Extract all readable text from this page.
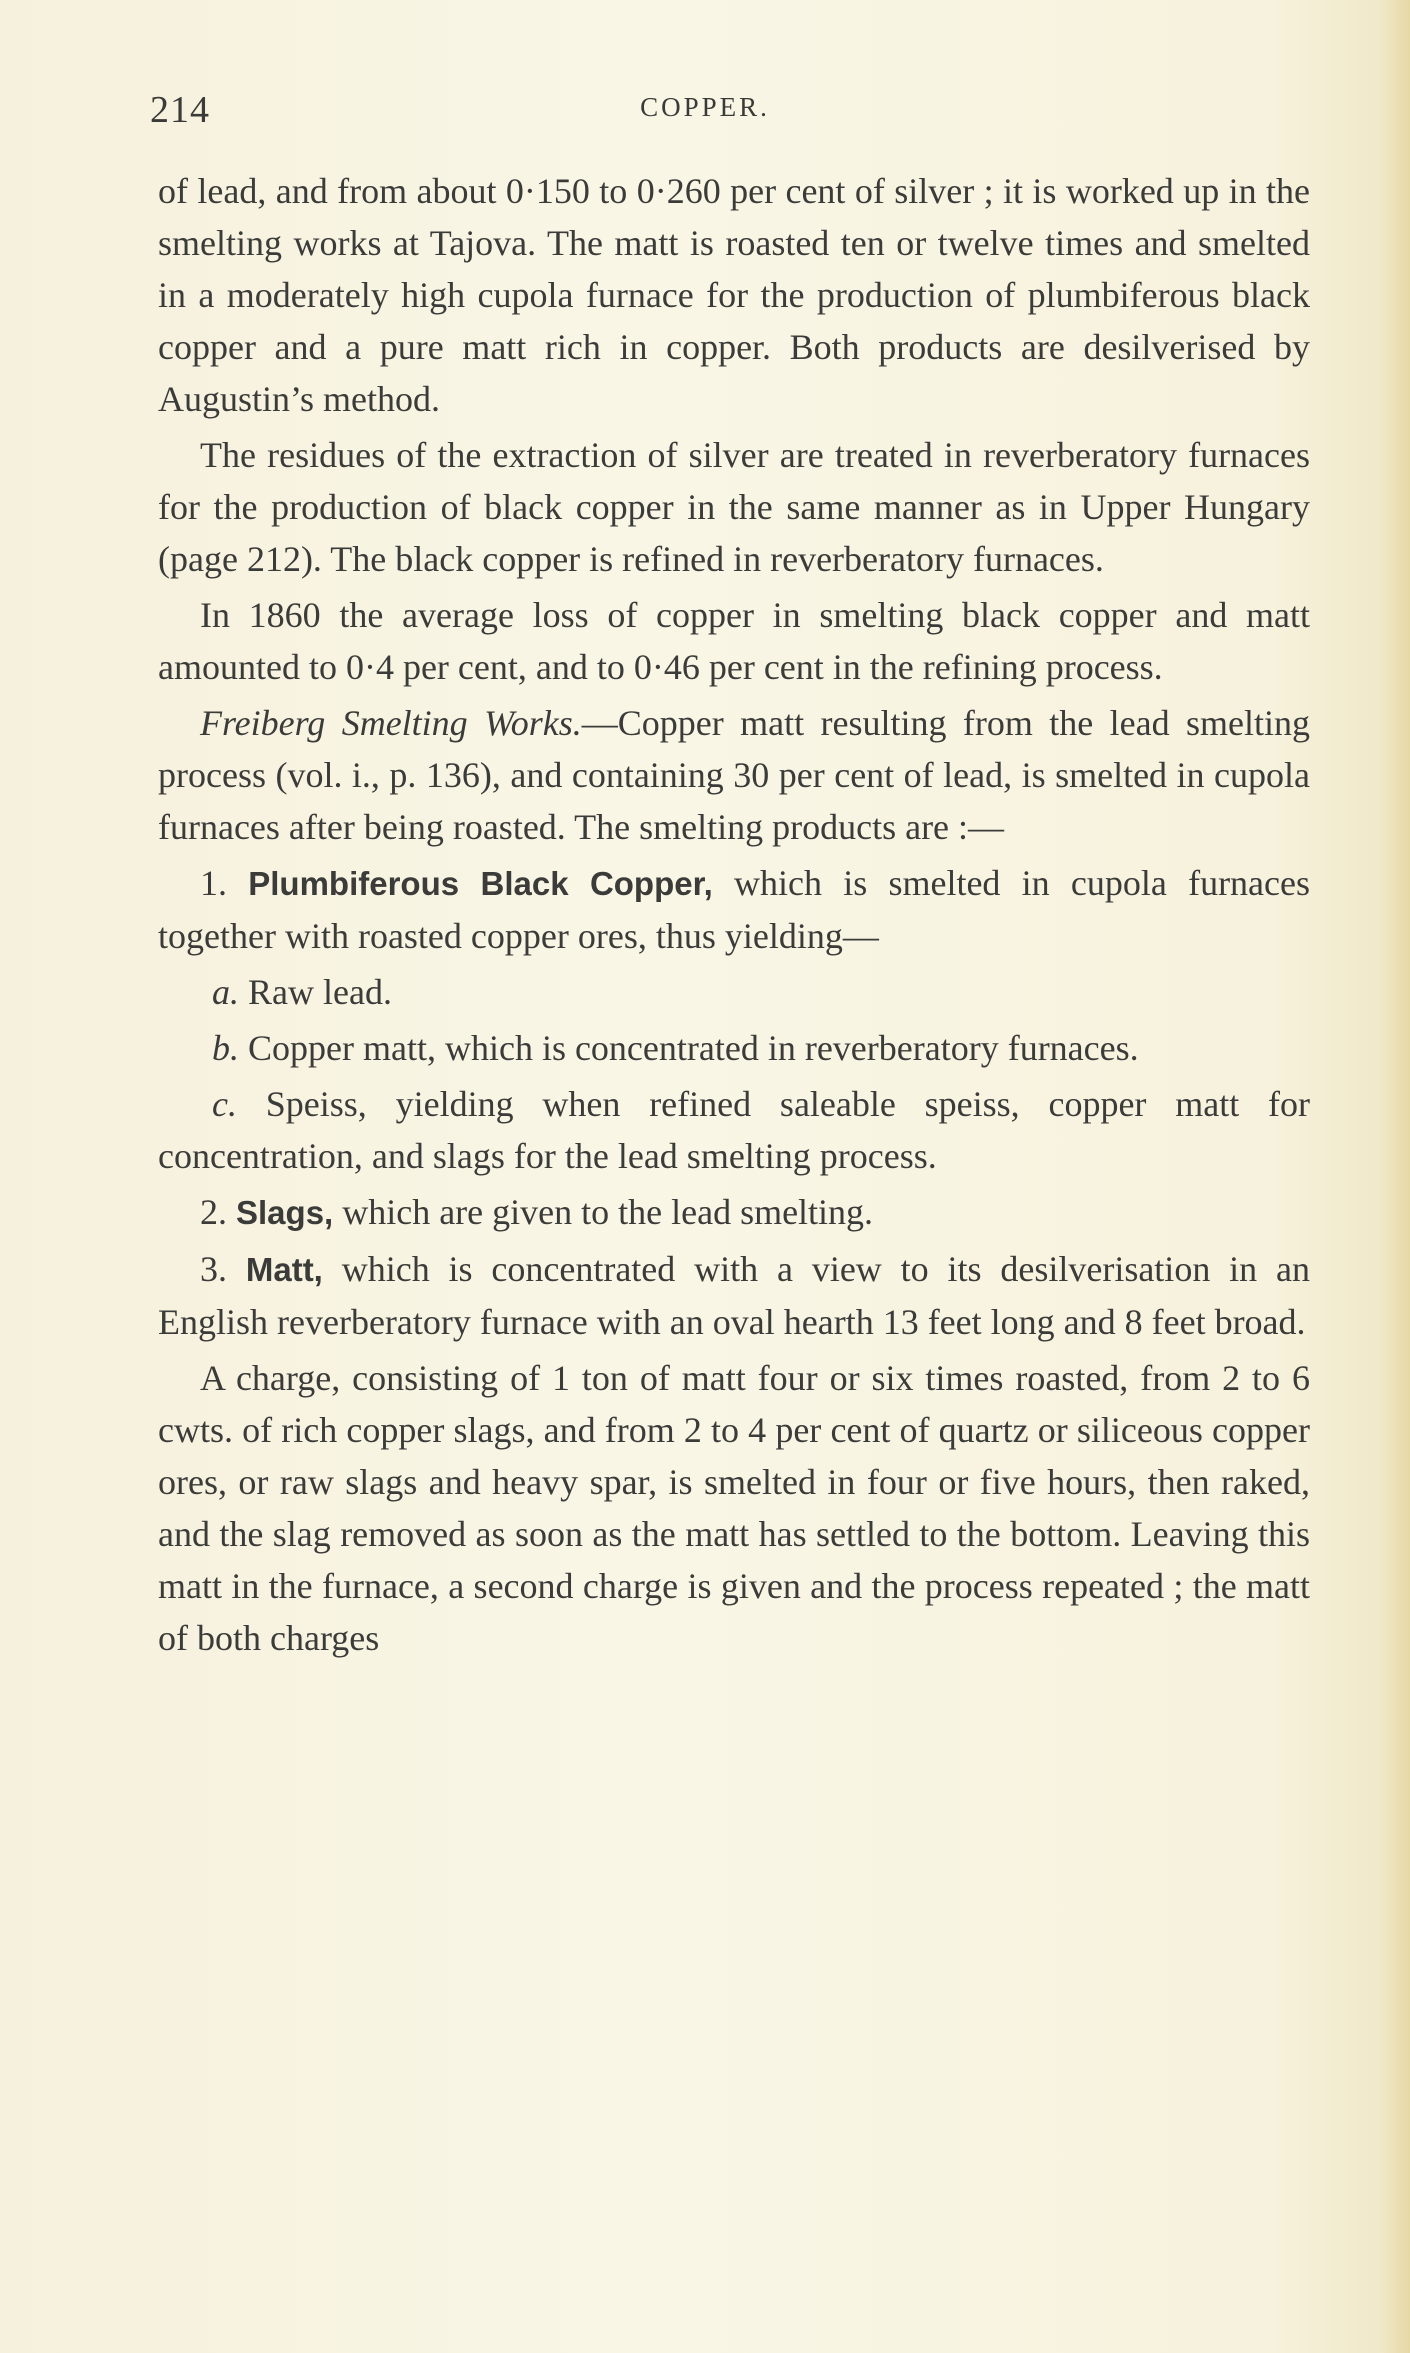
214	COPPER.

of lead, and from about 0·150 to 0·260 per cent of silver ; it is worked up in the smelting works at Tajova. The matt is roasted ten or twelve times and smelted in a moderately high cupola furnace for the production of plumbiferous black copper and a pure matt rich in copper. Both products are desilverised by Augustin’s method.

The residues of the extraction of silver are treated in reverberatory furnaces for the production of black copper in the same manner as in Upper Hungary (page 212). The black copper is refined in reverberatory furnaces.

In 1860 the average loss of copper in smelting black copper and matt amounted to 0·4 per cent, and to 0·46 per cent in the refining process.

Freiberg Smelting Works.—Copper matt resulting from the lead smelting process (vol. i., p. 136), and containing 30 per cent of lead, is smelted in cupola furnaces after being roasted. The smelting products are :—

1. Plumbiferous Black Copper, which is smelted in cupola furnaces together with roasted copper ores, thus yielding—

a. Raw lead.

b. Copper matt, which is concentrated in reverberatory furnaces.

c. Speiss, yielding when refined saleable speiss, copper matt for concentration, and slags for the lead smelting process.

2. Slags, which are given to the lead smelting.

3. Matt, which is concentrated with a view to its desilverisation in an English reverberatory furnace with an oval hearth 13 feet long and 8 feet broad.

A charge, consisting of 1 ton of matt four or six times roasted, from 2 to 6 cwts. of rich copper slags, and from 2 to 4 per cent of quartz or siliceous copper ores, or raw slags and heavy spar, is smelted in four or five hours, then raked, and the slag removed as soon as the matt has settled to the bottom. Leaving this matt in the furnace, a second charge is given and the process repeated ; the matt of both charges
